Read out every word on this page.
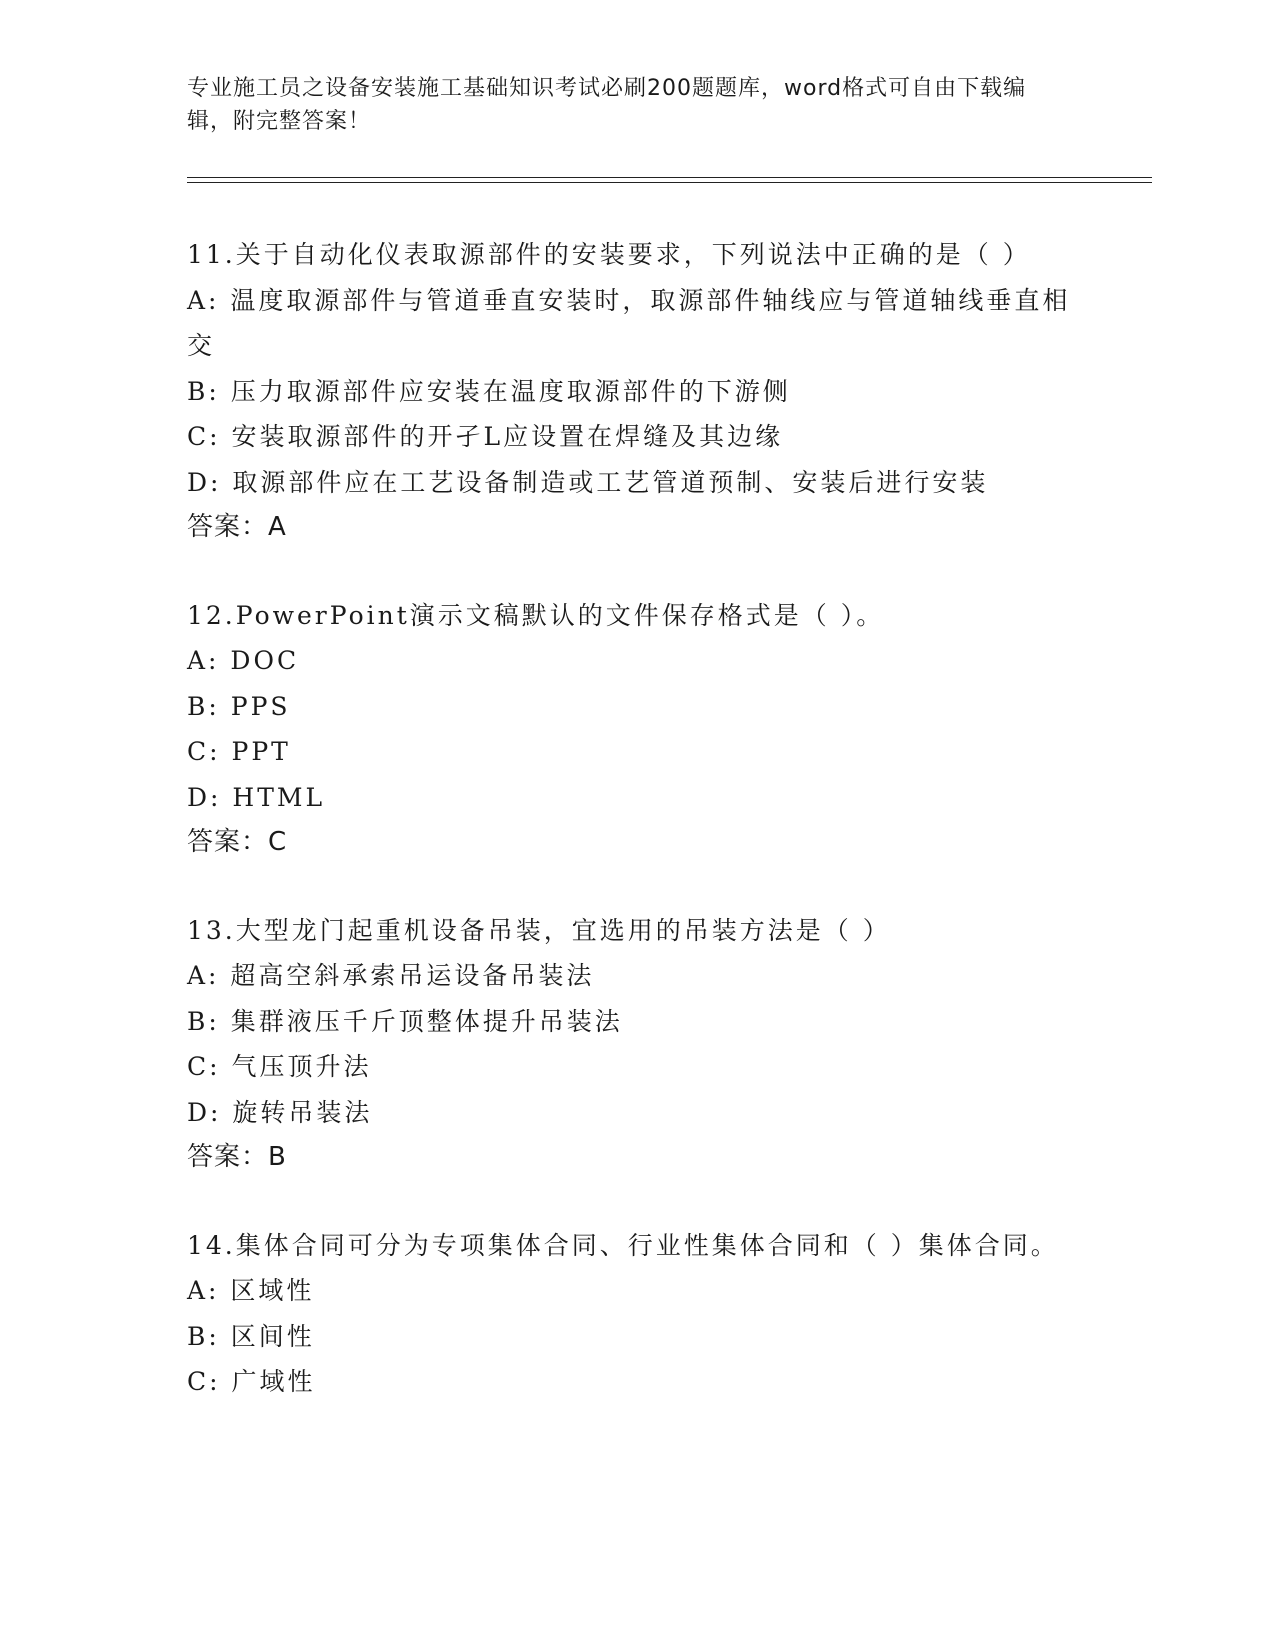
专业施工员之设备安装施工基础知识考试必刷200题题库，word格式可自由下载编辑，附完整答案！
11.关于自动化仪表取源部件的安装要求，下列说法中正确的是（ ）
A: 温度取源部件与管道垂直安装时，取源部件轴线应与管道轴线垂直相交
B: 压力取源部件应安装在温度取源部件的下游侧
C: 安装取源部件的开孑L应设置在焊缝及其边缘
D: 取源部件应在工艺设备制造或工艺管道预制、安装后进行安装
答案：A
12.PowerPoint演示文稿默认的文件保存格式是（ ）。
A: DOC
B: PPS
C: PPT
D: HTML
答案：C
13.大型龙门起重机设备吊装，宜选用的吊装方法是（ ）
A: 超高空斜承索吊运设备吊装法
B: 集群液压千斤顶整体提升吊装法
C: 气压顶升法
D: 旋转吊装法
答案：B
14.集体合同可分为专项集体合同、行业性集体合同和（ ）集体合同。
A: 区域性
B: 区间性
C: 广域性
